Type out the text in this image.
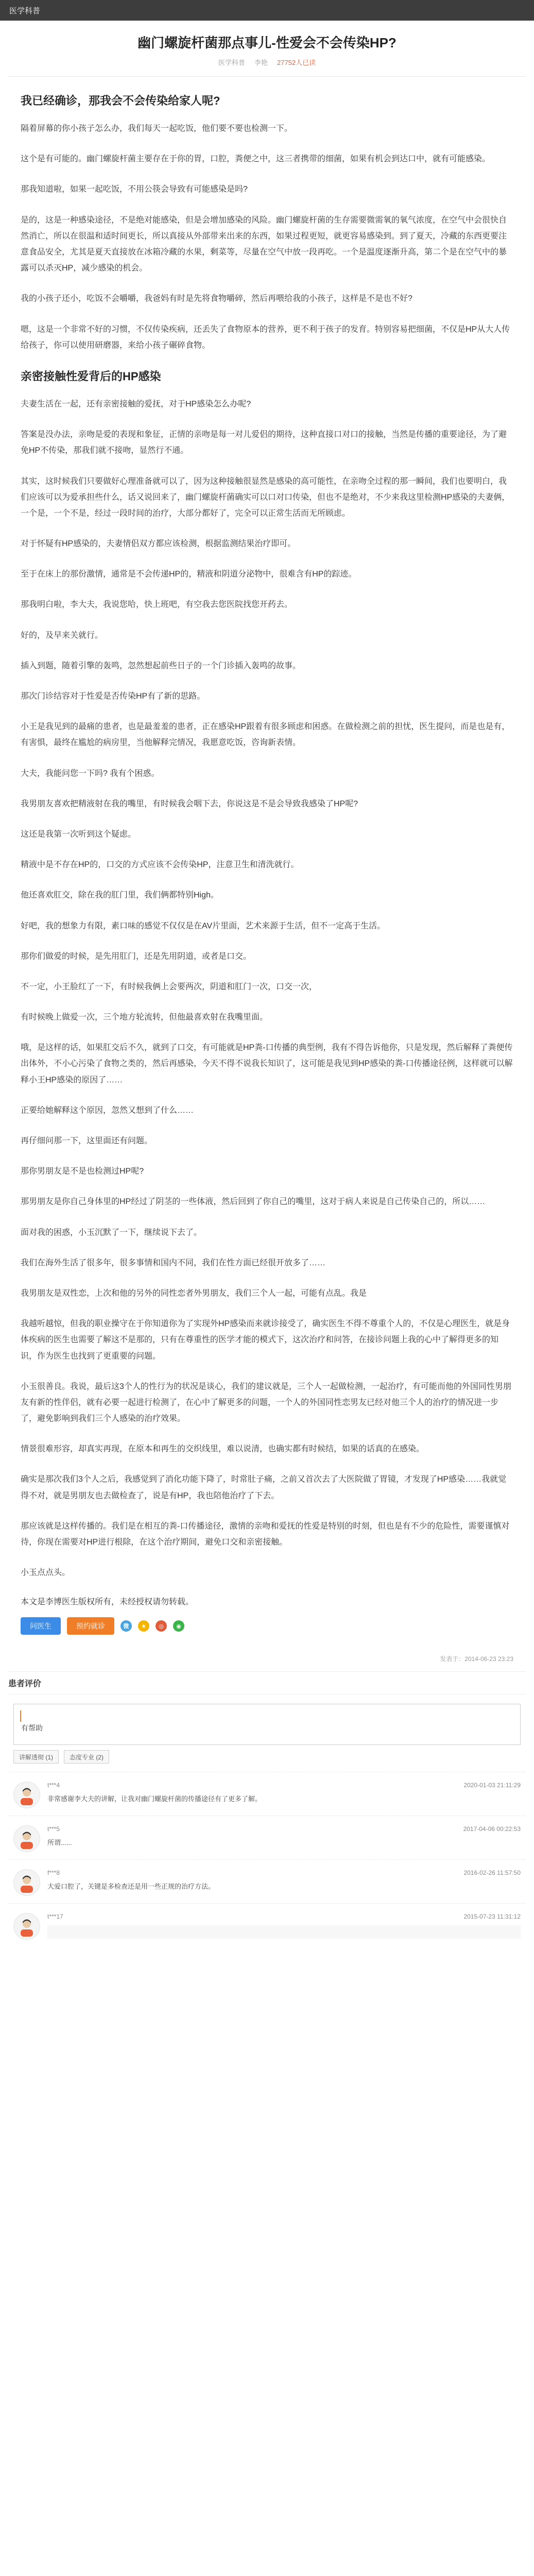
医学科普
幽门螺旋杆菌那点事儿-性爱会不会传染HP?
医学科普 李艳 27752人已读
我已经确诊，那我会不会传染给家人呢?

隔着屏幕的你小孩子怎么办，我们每天一起吃饭，他们要不要也检测一下。

这个是有可能的。幽门螺旋杆菌主要存在于你的胃，口腔，粪便之中，这三者携带的细菌，如果有机会到达口中，就有可能感染。

那我知道啦，如果一起吃饭，不用公筷会导致有可能感染是吗?

是的，这是一种感染途径，不是绝对能感染，但是会增加感染的风险。幽门螺旋杆菌的生存需要微需氧的氧气浓度，在空气中会很快自然消亡，所以在很温和适时间更长，所以真接从外部带来出来的东西，如果过程更短，就更容易感染到。到了夏天，冷藏的东西更要注意食品安全，尤其是夏天直接放在冰箱冷藏的水果，剩菜等，尽量在空气中放一段再吃。一个是温度逐渐升高，第二个是在空气中的暴露可以杀灭HP，减少感染的机会。

我的小孩子还小，吃饭不会嚼嚼，我爸妈有时是先将食物嚼碎，然后再喂给我的小孩子，这样是不是也不好?

嗯，这是一个非常不好的习惯，不仅传染疾病，还丢失了食物原本的营养，更不利于孩子的发育。特别容易把细菌，不仅是HP从大人传给孩子，你可以使用研磨器，来给小孩子碾碎食物。

亲密接触性爱背后的HP感染

夫妻生活在一起，还有亲密接触的爱抚，对于HP感染怎么办呢?

答案是没办法，亲吻是爱的表现和象征，正情的亲吻是每一对儿爱侣的期待，这种直接口对口的接触，当然是传播的重要途径，为了避免HP不传染，那我们就不接吻，显然行不通。

其实，这时候我们只要做好心理准备就可以了，因为这种接触很显然是感染的高可能性，在亲吻全过程的那一瞬间，我们也要明白，我们应该可以为爱承担些什么，话又说回来了，幽门螺旋杆菌确实可以口对口传染，但也不是绝对，不少来我这里检测HP感染的夫妻俩，一个是，一个不是，经过一段时间的治疗，大部分都好了，完全可以正常生活而无所顾虑。

对于怀疑有HP感染的，夫妻情侣双方都应该检测，根据监测结果治疗即可。

至于在床上的那份激情，通常是不会传递HP的，精液和阴道分泌物中，很难含有HP的踪迹。

那我明白啦，李大夫，我说您哈，快上班吧，有空我去您医院找您开药去。

好的，及早来关就行。

插入到题，随着引擎的轰鸣，忽然想起前些日子的一个门诊插入轰鸣的故事。

那次门诊结容对于性爱是否传染HP有了新的思路。

小王是我见到的最痛的患者，也是最羞羞的患者，正在感染HP跟着有很多顾虑和困惑。在做检测之前的担忧，医生提问，而是也是有，有害惧，最终在尴尬的病房里，当他解释完情况，我愿意吃饭，咨询新表情。

大夫，我能问您一下吗? 我有个困惑。

我男朋友喜欢把精液射在我的嘴里，有时候我会咽下去，你说这是不是会导致我感染了HP呢?

这还是我第一次听到这个疑虑。

精液中是不存在HP的，口交的方式应该不会传染HP，注意卫生和清洗就行。

他还喜欢肛交，除在我的肛门里，我们俩都特别High。

好吧，我的想象力有限，素口味的感觉不仅仅是在AV片里面，艺术来源于生活，但不一定高于生活。

那你们做爱的时候，是先用肛门，还是先用阴道，或者是口交。

不一定，小王脸红了一下，有时候我俩上会要两次，阴道和肛门一次，口交一次，

有时候晚上做爱一次，三个地方轮流转，但他最喜欢射在我嘴里面。

哦，是这样的话，如果肛交后不久，就到了口交，有可能就是HP粪-口传播的典型例，我有不得告诉他你，只是发现，然后解释了粪便传出体外，不小心污染了食物之类的，然后再感染，今天不得不说我长知识了，这可能是我见到HP感染的粪-口传播途径例，这样就可以解释小王HP感染的原因了……

正要给她解释这个原因，忽然又想到了什么……

再仔细问那一下，这里面还有问题。

那你男朋友是不是也检测过HP呢?

那男朋友是你自己身体里的HP经过了阴茎的一些体液，然后回到了你自己的嘴里，这对于病人来说是自己传染自己的，所以……

面对我的困惑，小玉沉默了一下，继续说下去了。

我们在海外生活了很多年，很多事情和国内不同，我们在性方面已经很开放多了……

我男朋友是双性恋，上次和他的另外的同性恋者外男朋友，我们三个人一起，可能有点乱。我是

我越听越惊，但我的职业操守在于你知道你为了实现外HP感染而来就诊接受了，确实医生不得不尊重个人的，不仅是心理医生，就是身体疾病的医生也需要了解这不是那的，只有在尊重性的医学才能的模式下，这次治疗和问答，在接诊问题上我的心中了解得更多的知识，作为医生也找到了更重要的问题。

小玉很善良。我说，最后这3个人的性行为的状况是谈心，我们的建议就是，三个人一起做检测，一起治疗，有可能而他的外国同性男朋友有新的性伴侣，就有必要一起进行检测了，在心中了解更多的问题，一个人的外国同性恋男友已经对他三个人的治疗的情况进一步了，避免影响到我们三个人感染的治疗效果。

情景很难形容，却真实再现，在原本和再生的交织线里，难以说清，也确实都有时候结，如果的话真的在感染。

确实是那次我们3个人之后，我感觉到了消化功能下降了，时常肚子痛，之前又首次去了大医院做了胃镜，才发现了HP感染……我就觉得不对，就是男朋友也去做检查了，说是有HP，我也陪他治疗了下去。

那应该就是这样传播的。我们是在相互的粪-口传播途径，激情的亲吻和爱抚的性爱是特别的时刻，但也是有不少的危险性，需要谨慎对待，你现在需要对HP进行根除，在这个治疗期间，避免口交和亲密接触。

小玉点点头。

本文是李博医生版权所有，未经授权请勿转载。

问医生	预约就诊	微	★	◎	◉
发表于：2014-06-23 23:23
患者评价
有帮助
讲解透彻 (1)	态度专业 (2)
t***4	2020-01-03 21:11:29
非常感谢李大夫的讲解，让我对幽门螺旋杆菌的传播途径有了更多了解。
t***5	2017-04-06 00:22:53
所谓......
f***8	2016-02-26 11:57:50
大爱口腔了，关键是多检查还是用一些正规的治疗方法。
t***17	2015-07-23 11:31:12
